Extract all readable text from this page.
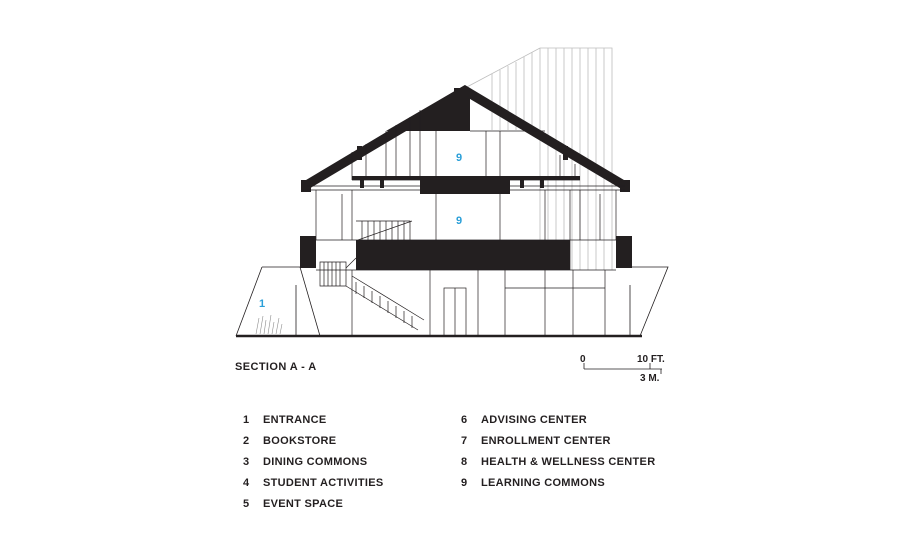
1
9
9
0	10 FT.
3 M.
SECTION A - A
1	ENTRANCE
2	BOOKSTORE
3	DINING COMMONS
4	STUDENT ACTIVITIES
5	EVENT SPACE
6	ADVISING CENTER
7	ENROLLMENT CENTER
8	HEALTH & WELLNESS CENTER
9	LEARNING COMMONS
